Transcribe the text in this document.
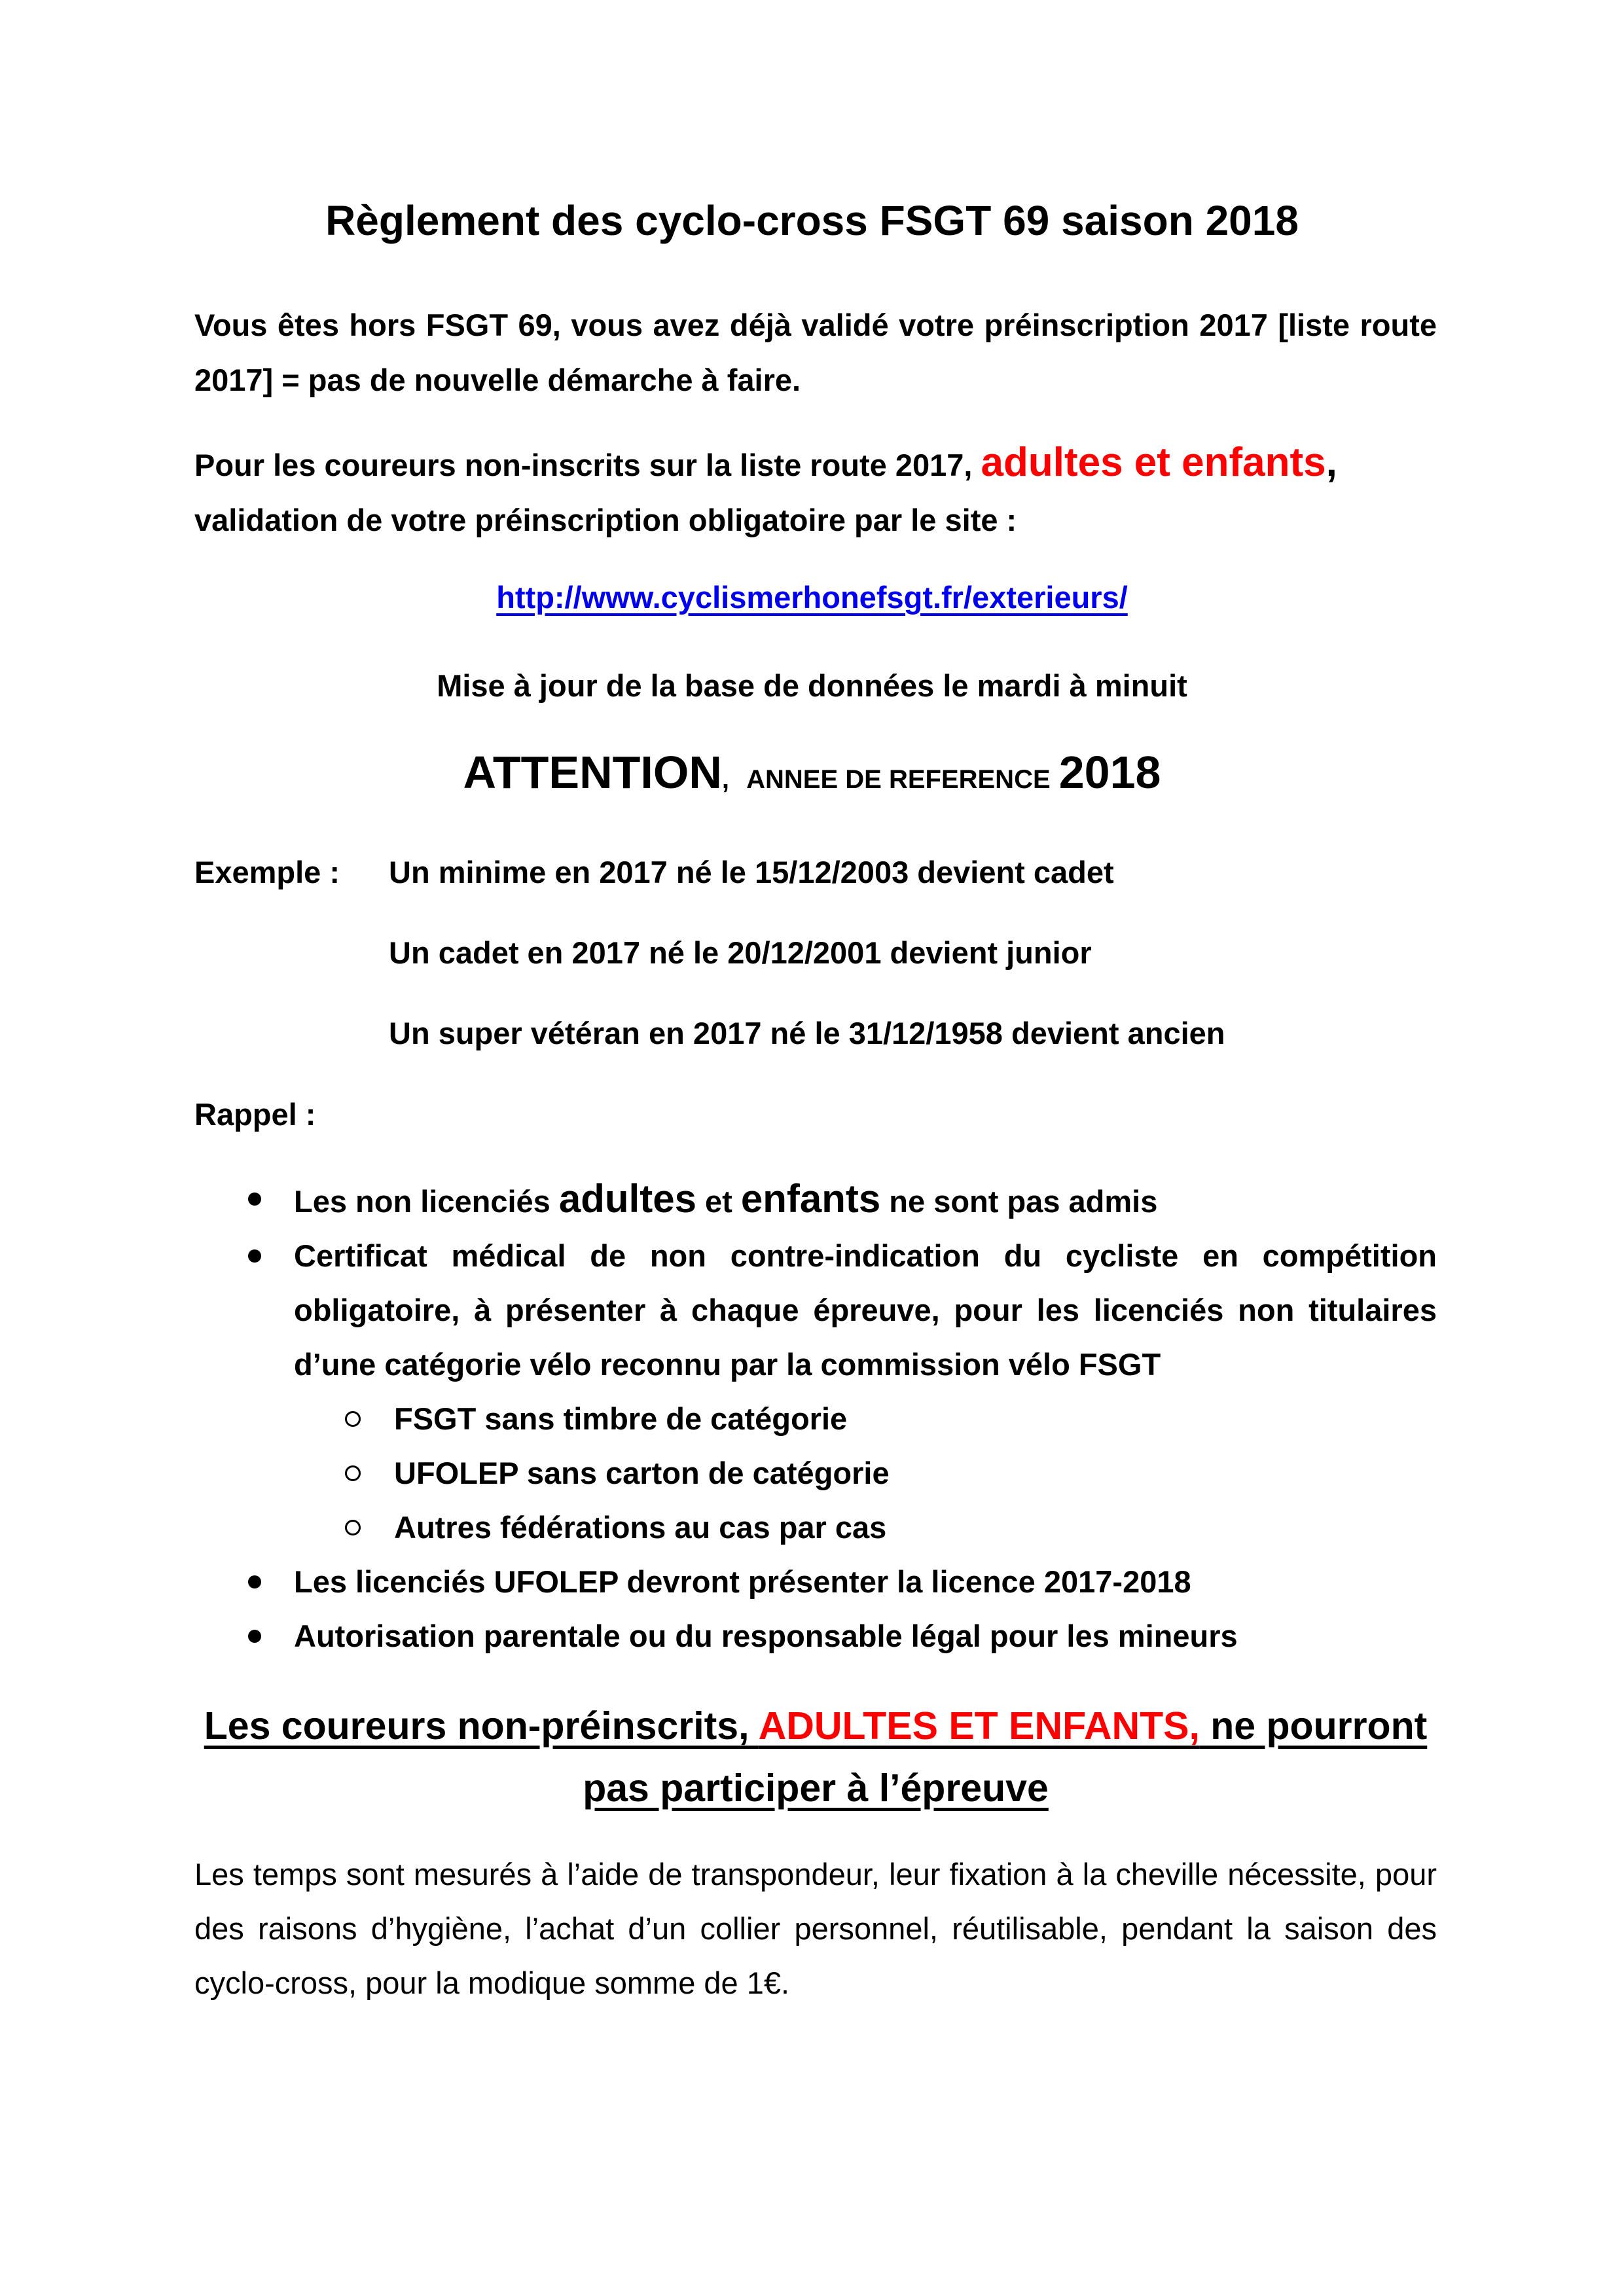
Règlement des cyclo-cross FSGT 69 saison 2018
Vous êtes hors FSGT 69, vous avez déjà validé votre préinscription 2017 [liste route 2017] = pas de nouvelle démarche à faire.
Pour les coureurs non-inscrits sur la liste route 2017, adultes et enfants,
validation de votre préinscription obligatoire par le site :
http://www.cyclismerhonefsgt.fr/exterieurs/
Mise à jour de la base de données le mardi à minuit
ATTENTION, ANNEE DE REFERENCE 2018
Exemple : Un minime en 2017 né le 15/12/2003 devient cadet
Un cadet en 2017 né le 20/12/2001 devient junior
Un super vétéran en 2017 né le 31/12/1958 devient ancien
Rappel :
Les non licenciés adultes et enfants ne sont pas admis
Certificat médical de non contre-indication du cycliste en compétition obligatoire, à présenter à chaque épreuve, pour les licenciés non titulaires d’une catégorie vélo reconnu par la commission vélo FSGT
FSGT sans timbre de catégorie
UFOLEP sans carton de catégorie
Autres fédérations au cas par cas
Les licenciés UFOLEP devront présenter la licence 2017-2018
Autorisation parentale ou du responsable légal pour les mineurs
Les coureurs non-préinscrits, ADULTES ET ENFANTS, ne pourront pas participer à l’épreuve
Les temps sont mesurés à l’aide de transpondeur, leur fixation à la cheville nécessite, pour des raisons d’hygiène, l’achat d’un collier personnel, réutilisable, pendant la saison des cyclo-cross, pour la modique somme de 1€.
